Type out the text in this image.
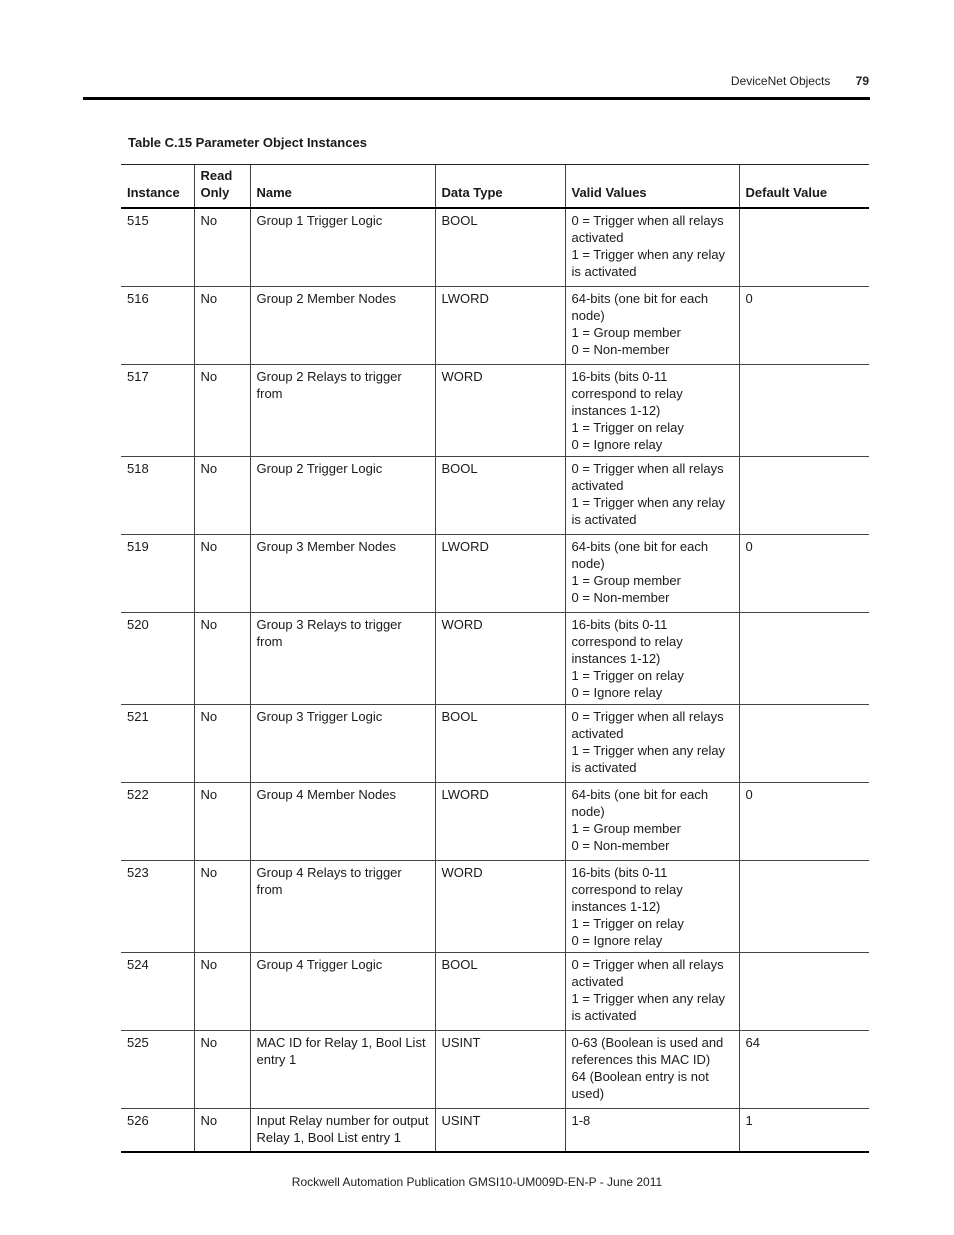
DeviceNet Objects 79
Table C.15 Parameter Object Instances
Instance	Read Only	Name	Data Type	Valid Values	Default Value
515	No	Group 1 Trigger Logic	BOOL	0 = Trigger when all relays activated
1 = Trigger when any relay is activated	

516	No	Group 2 Member Nodes	LWORD	64-bits (one bit for each node)
1 = Group member
0 = Non-member	0
517	No	Group 2 Relays to trigger from	WORD	16-bits (bits 0-11 correspond to relay instances 1-12)
1 = Trigger on relay
0 = Ignore relay	

518	No	Group 2 Trigger Logic	BOOL	0 = Trigger when all relays activated
1 = Trigger when any relay is activated	

519	No	Group 3 Member Nodes	LWORD	64-bits (one bit for each node)
1 = Group member
0 = Non-member	0
520	No	Group 3 Relays to trigger from	WORD	16-bits (bits 0-11 correspond to relay instances 1-12)
1 = Trigger on relay
0 = Ignore relay	

521	No	Group 3 Trigger Logic	BOOL	0 = Trigger when all relays activated
1 = Trigger when any relay is activated	

522	No	Group 4 Member Nodes	LWORD	64-bits (one bit for each node)
1 = Group member
0 = Non-member	0
523	No	Group 4 Relays to trigger from	WORD	16-bits (bits 0-11 correspond to relay instances 1-12)
1 = Trigger on relay
0 = Ignore relay	

524	No	Group 4 Trigger Logic	BOOL	0 = Trigger when all relays activated
1 = Trigger when any relay is activated	

525	No	MAC ID for Relay 1, Bool List entry 1	USINT	0-63 (Boolean is used and references this MAC ID)
64 (Boolean entry is not used)	64
526	No	Input Relay number for output Relay 1, Bool List entry 1	USINT	1-8	1
Rockwell Automation Publication GMSI10-UM009D-EN-P - June 2011
